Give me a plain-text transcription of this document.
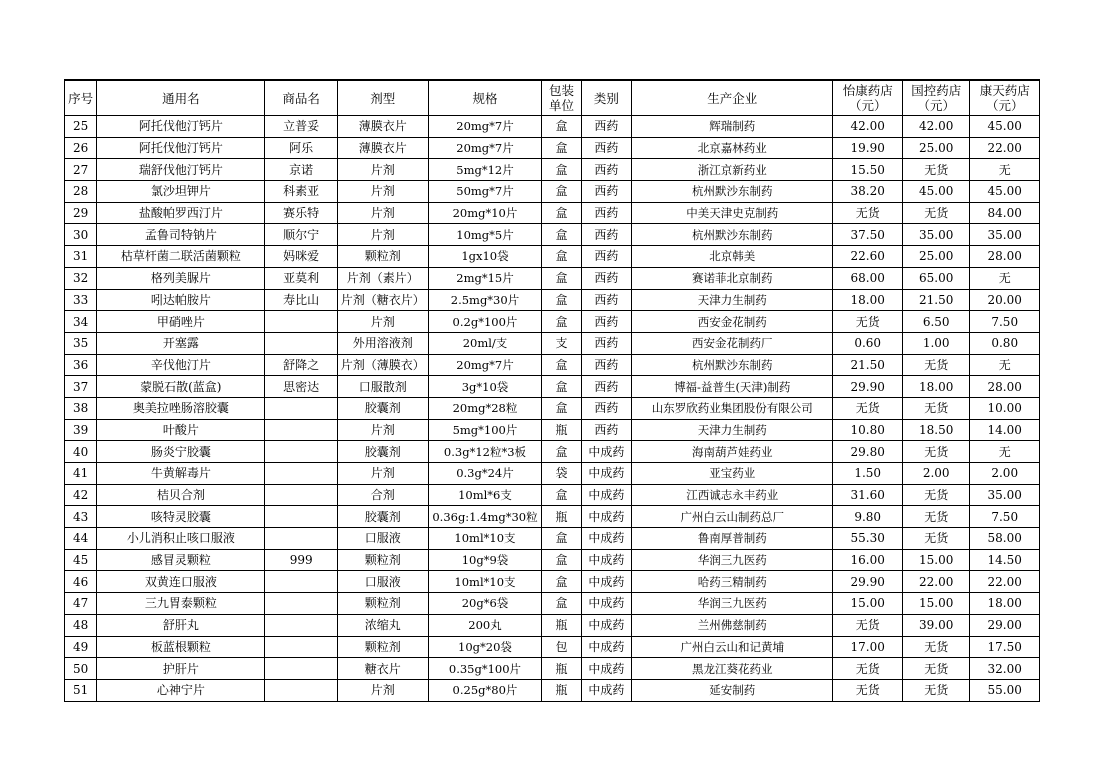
序号	通用名	商品名	剂型	规格	包装单位	类别	生产企业	怡康药店（元）	国控药店（元）	康天药店（元）
25	阿托伐他汀钙片	立普妥	薄膜衣片	20mg*7片	盒	西药	辉瑞制药	42.00	42.00	45.00
26	阿托伐他汀钙片	阿乐	薄膜衣片	20mg*7片	盒	西药	北京嘉林药业	19.90	25.00	22.00
27	瑞舒伐他汀钙片	京诺	片剂	5mg*12片	盒	西药	浙江京新药业	15.50	无货	无
28	氯沙坦钾片	科素亚	片剂	50mg*7片	盒	西药	杭州默沙东制药	38.20	45.00	45.00
29	盐酸帕罗西汀片	赛乐特	片剂	20mg*10片	盒	西药	中美天津史克制药	无货	无货	84.00
30	孟鲁司特钠片	顺尔宁	片剂	10mg*5片	盒	西药	杭州默沙东制药	37.50	35.00	35.00
31	枯草杆菌二联活菌颗粒	妈咪爱	颗粒剂	1gx10袋	盒	西药	北京韩美	22.60	25.00	28.00
32	格列美脲片	亚莫利	片剂（素片）	2mg*15片	盒	西药	赛诺菲北京制药	68.00	65.00	无
33	吲达帕胺片	寿比山	片剂（糖衣片）	2.5mg*30片	盒	西药	天津力生制药	18.00	21.50	20.00
34	甲硝唑片		片剂	0.2g*100片	盒	西药	西安金花制药	无货	6.50	7.50
35	开塞露		外用溶液剂	20ml/支	支	西药	西安金花制药厂	0.60	1.00	0.80
36	辛伐他汀片	舒降之	片剂（薄膜衣）	20mg*7片	盒	西药	杭州默沙东制药	21.50	无货	无
37	蒙脱石散(蓝盒)	思密达	口服散剂	3g*10袋	盒	西药	博福-益普生(天津)制药	29.90	18.00	28.00
38	奥美拉唑肠溶胶囊		胶囊剂	20mg*28粒	盒	西药	山东罗欣药业集团股份有限公司	无货	无货	10.00
39	叶酸片		片剂	5mg*100片	瓶	西药	天津力生制药	10.80	18.50	14.00
40	肠炎宁胶囊		胶囊剂	0.3g*12粒*3板	盒	中成药	海南葫芦娃药业	29.80	无货	无
41	牛黄解毒片		片剂	0.3g*24片	袋	中成药	亚宝药业	1.50	2.00	2.00
42	桔贝合剂		合剂	10ml*6支	盒	中成药	江西诚志永丰药业	31.60	无货	35.00
43	咳特灵胶囊		胶囊剂	0.36g:1.4mg*30粒	瓶	中成药	广州白云山制药总厂	9.80	无货	7.50
44	小儿消积止咳口服液		口服液	10ml*10支	盒	中成药	鲁南厚普制药	55.30	无货	58.00
45	感冒灵颗粒	999	颗粒剂	10g*9袋	盒	中成药	华润三九医药	16.00	15.00	14.50
46	双黄连口服液		口服液	10ml*10支	盒	中成药	哈药三精制药	29.90	22.00	22.00
47	三九胃泰颗粒		颗粒剂	20g*6袋	盒	中成药	华润三九医药	15.00	15.00	18.00
48	舒肝丸		浓缩丸	200丸	瓶	中成药	兰州佛慈制药	无货	39.00	29.00
49	板蓝根颗粒		颗粒剂	10g*20袋	包	中成药	广州白云山和记黄埔	17.00	无货	17.50
50	护肝片		糖衣片	0.35g*100片	瓶	中成药	黑龙江葵花药业	无货	无货	32.00
51	心神宁片		片剂	0.25g*80片	瓶	中成药	延安制药	无货	无货	55.00
